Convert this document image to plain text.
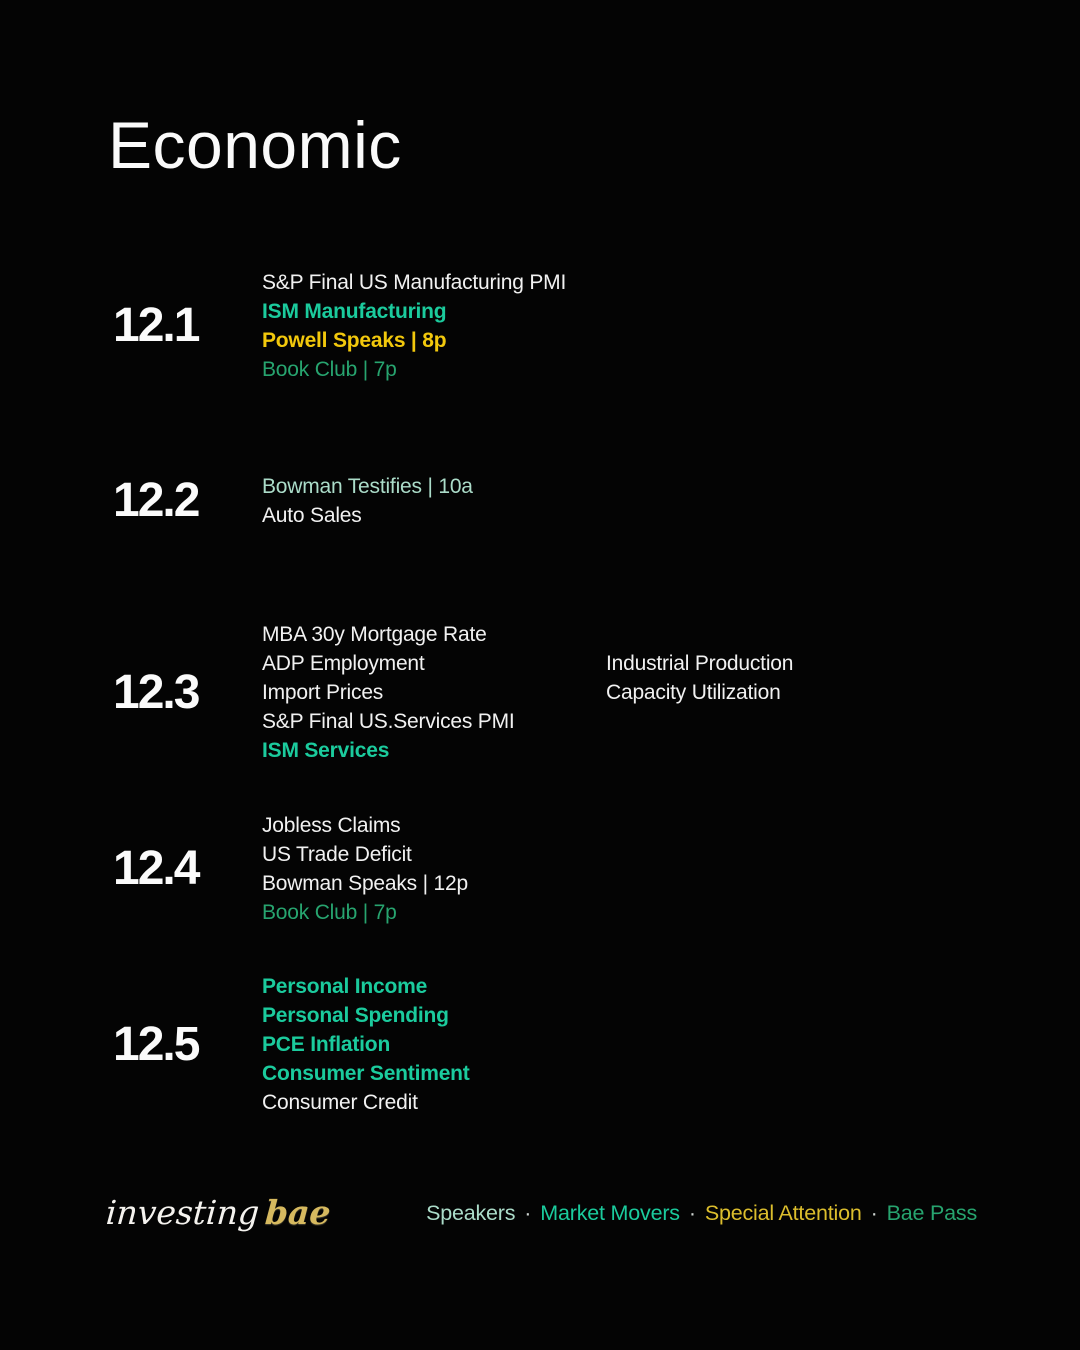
Economic
12.1
S&P Final US Manufacturing PMI
ISM Manufacturing
Powell Speaks | 8p
Book Club | 7p
12.2	Bowman Testifies | 10a
Auto Sales
12.3
MBA 30y Mortgage Rate
ADP Employment
Import Prices
S&P Final US.Services PMI
ISM Services
Industrial Production
Capacity Utilization
12.4
Jobless Claims
US Trade Deficit
Bowman Speaks | 12p
Book Club | 7p
12.5
Personal Income
Personal Spending
PCE Inflation
Consumer Sentiment
Consumer Credit
investingbae	Speakers · Market Movers · Special Attention · Bae Pass
